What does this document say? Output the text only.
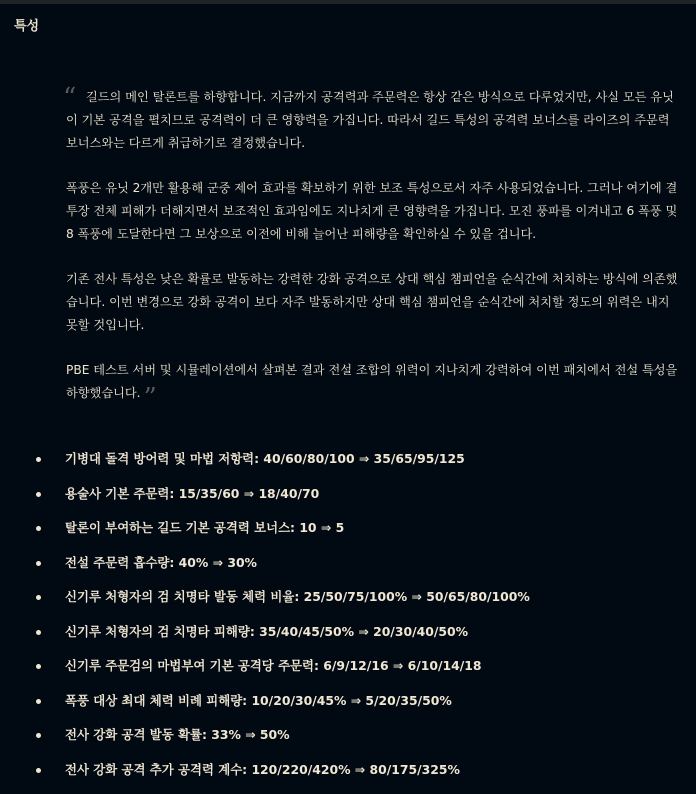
특성
“ 길드의 메인 탈론트를 하향합니다. 지금까지 공격력과 주문력은 항상 같은 방식으로 다루었지만, 사실 모든 유닛이 기본 공격을 펼치므로 공격력이 더 큰 영향력을 가집니다. 따라서 길드 특성의 공격력 보너스를 라이즈의 주문력 보너스와는 다르게 취급하기로 결정했습니다.

폭풍은 유닛 2개만 활용해 군중 제어 효과를 확보하기 위한 보조 특성으로서 자주 사용되었습니다. 그러나 여기에 결투장 전체 피해가 더해지면서 보조적인 효과임에도 지나치게 큰 영향력을 가집니다. 모진 풍파를 이겨내고 6 폭풍 및 8 폭풍에 도달한다면 그 보상으로 이전에 비해 늘어난 피해량을 확인하실 수 있을 겁니다.

기존 전사 특성은 낮은 확률로 발동하는 강력한 강화 공격으로 상대 핵심 챔피언을 순식간에 처치하는 방식에 의존했습니다. 이번 변경으로 강화 공격이 보다 자주 발동하지만 상대 핵심 챔피언을 순식간에 처치할 정도의 위력은 내지 못할 것입니다.

PBE 테스트 서버 및 시뮬레이션에서 살펴본 결과 전설 조합의 위력이 지나치게 강력하여 이번 패치에서 전설 특성을 하향했습니다. ”

기병대 돌격 방어력 및 마법 저항력: 40/60/80/100 ⇒ 35/65/95/125
용술사 기본 주문력: 15/35/60 ⇒ 18/40/70
탈론이 부여하는 길드 기본 공격력 보너스: 10 ⇒ 5
전설 주문력 흡수량: 40% ⇒ 30%
신기루 처형자의 검 치명타 발동 체력 비율: 25/50/75/100% ⇒ 50/65/80/100%
신기루 처형자의 검 치명타 피해량: 35/40/45/50% ⇒ 20/30/40/50%
신기루 주문검의 마법부여 기본 공격당 주문력: 6/9/12/16 ⇒ 6/10/14/18
폭풍 대상 최대 체력 비례 피해량: 10/20/30/45% ⇒ 5/20/35/50%
전사 강화 공격 발동 확률: 33% ⇒ 50%
전사 강화 공격 추가 공격력 계수: 120/220/420% ⇒ 80/175/325%
